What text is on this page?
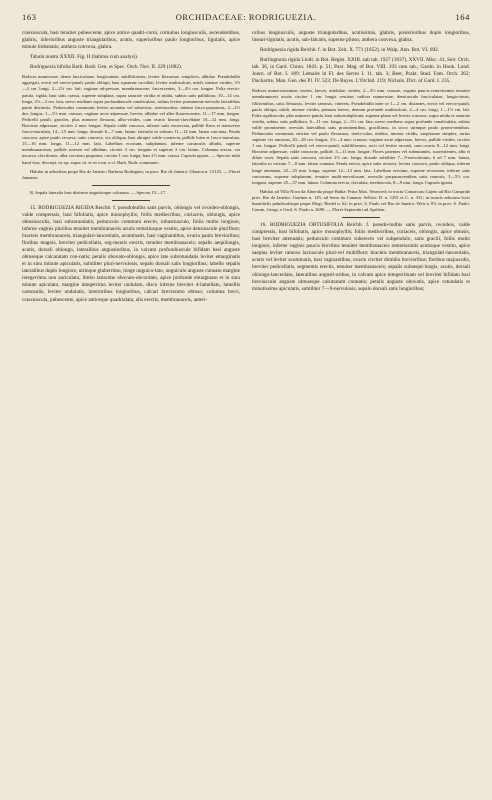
163	ORCHIDACEAE: RODRIGUEZIA.	164

crassiuscula, basi tenuiter pubescente, apice antice quadri-corni, cornubus longiusculis, ascendentibus, glabris, inferioribus anguste triangularibus, acutis, superioribus paulo longioribus, ligulatis, apice minute bidentatis; anthera convexa, glabra.

Tabula nostra XXXII. Fig. II (habitus cum analysi).

Rodriguezia bifolia Barb. Rodr. Gen. et Spec. Orch. Nov. II. 229 (1882).

Radices numerosae, dense fasciculatae, longissimae, subfiliformes, leviter flexuosae, simplices, albidae. Pseudobulbi aggregati, erecti vel erecto-patuli, paulo obliqui, basi squamae cucullati, leviter multisulcati, nitidi, intense virides, 3½—4 cm. longi, 2—2½ cm. lati; vaginae ad-pressae, membranaceae, fuscescentes, 3—4½ cm. longae. Folia erecto-patula, rigida, basi satis crassa, superne subplana, supra saturate viridia et nitida, subtus satis pallidiora, 10—14 cm. longa, 2½—3 cm. lata; nervo medians supra profundiuscule canaliculato, subtus leviter prominente nervulis lateralibus paulo distinctis. Pedunculus communis leviter arcuatus vel subrectus, teretiusculus, intense fusco-purpureus, 2—2½ dm. longus, 1—1½ mm. crassus; vaginae arcte adpressae, breves, albidae vel albo-fluorescentes, 11—17 mm. longae. Pedicelli patuli, graciles, plus minusve flexuosi, albo-virides, cum ovario lineari-clavellatae 10—12 mm. longi. Bracteae adpressae, circiter 2 mm. longae. Sepala valde concava, inferne satis exceavata, pallide flava et transverse fusco-maculata, 14—15 mm. longa, dorsale 6—7 mm. latum, lateralia in valvam 11—12 mm. latam con-nata. Petala concava, apice paulo recurva, satis concava, via obliqua, basi abrupte valde contracta, pallide lutea et fusco-maculata, 15—16 mm. longa, 11—12 mm. lata. Labellum ecostum, subplanum, inferne carunculis albidis, superne membranaceum, pallide roseum vel albidum, circiter 3 cm. longum et superne 2 cm. latum. Columna erecta, via incurva, clavifornis, alba coccineo purpurea, circiter 1 cm. longa; basi 2½ mm. crassa. Capsula ignota. — Species mihi haud visa; descript. ex op. supra cit. et ex icon. a cl. Barb. Rodr. communic.

Habitat in arboribus prope Rio de Janeiro: Barbosa Rodrigues; in prov. Rio de Janeiro: Glaziou n. 15125. — Floret Januario.

R. Sepala lateralia basi distincte angustioque calcarata. — Species 15—17.

15. RODRIGUEZIA RIGIDA Reichb. f. pseudobulbis satis parvis, oblongis vel ovoideo-oblongis, valde compressis, basi bifoliatis, apice monophyllis; foliis mediocribus, coriaceis, oblongis, apice obtusiusculis, basi subrotundatis; pedunculo communi erecto, robustiusculo, foliis multo longiore, inferne vaginis pluribus tenuiter membranaceis acutis remotiusque vestito, apice densiuscule pluriflore; bracteis membranaceis, triangulari-lanceolatis, acuminatis, basi vaginantibus, ovario paulo brevioribus; floribus magnis, breviter pedicellatis, seg-mentis erectis, tenuiter membranaceis; sepalis aequilongis, acutis, dorsali oblongo, lateralibus angustioribus, in valvam profundiuscule bifidam basi anguste obtuseque calcaratam con-natis; petalis obovato-oblongis, apice late subrotundatis leviter emarginatis et in sinu minute apiculatis, subtiliter pluri-nervulosis, sepalo dorsali satis longioribus; labello sepalis lateralibus duplo longiore, utrinque glaberrimo, longe unguicu-lato, unguiculo anguste cuneato margine integerrimo non auriculato, limbo latissime obovato-obcordato, apice profunde emarginato et in sinu minute apiculato, margine integerrimo leviter undulato, disco inferne breviter 4-lamellato, lamellis carnosulis, leviter undulatis, interioribus longioribus, calcari brevissimo obtuso; columna brevi, crassiuscula, pubescente, apice anticeque quadrialata, alis erectis, membranaceis, anteri-

oribus longiusculis, anguste triangularibus, acutissimis, glabris, posterioribus duplo longioribus, lineari-ligulatis, acutis, sub-falcatis, superne piloso; anthera convexa, glabra.

Rodriguezia rigida Reichb. f. in Bot. Zeit. X. 771 (1852), in Walp. Ann. Bot. VI. 692.

Burlingtonia rigida Lindl. in Bot. Regist. XXIII. sub tab. 1927 (1837), XXVII. Misc. 41, Sert. Orch. tab. 36, in Gard. Chron. 1843. p. 51; Paxt. Mag. of Bot. VIII. 193 cum tab.; Gardn. in Hook. Lond. Journ. of Bot. I. 189; Lemaire in Fl. des Serres I. 11. tab. 3; Beer, Prakt. Stud. Fam. Orch. 262; Duchartre, Man. Gen. des Pl. IV. 523; De Buyss. L'Orchid. 219; Nichols. Dict. of Gard. I. 235.

Radices numerosissimae, teretes, laeves, nitidulae, virides, 2—3½ mm. crassae, vaginis paucis remotissimis tenuiter membranaceis acutis circiter 1 cm. longis vestitae; radices numerosae, densiuscule fasciculatae, longis-simis, filiformibus, satis flexuosis, leviter ramosis, cinereis. Pseudobulbi inter se 1—2 cm. distantes, erecti vel erecto-patuli, paulo obliqui, nitidi, intense virides, primum laeves, demum profunde multisulcati, 2—4 cm. longi, 1—1½ cm. lati. Folia rigidiuscula, plus minusve patula, basi subconduplicata, superne plana vel leviter concava, supra nitida et saturate viridia, subtus satis pallidiora, 6—11 cm. longa, 2—3½ cm. lata; nervo mediano supra profunde canaliculata, subtus valde prominente; nervulis lateralibus satis prominentibus, gracillimis, in sicco utrinque paulo promi-nentibus. Pedunculus communis strictus vel paulo flexuosus, tereti-culus, nitidus, intense viridis, saepissime simplex, rarius superne vix ramosus, 20—40 cm. longus, 1½—4 mm. crassus; vaginae arcte adpressae, laeves, pallide virides, circiter 1 cm. longae. Pedicelli patuli vel erecto-patuli, subfiliformes, recti vel leviter arcuati, cum ovario 8—12 mm. longi. Bracteae adpressae, valde concavae, pallide, 3—11 mm. longae. Flores patentes vel subnutantes, suaveolentes, albi et dilute rosei. Sepala satis concava, circiter 2½ cm. longa, dorsale subtiliter 7—9-nervulosum, 6 ad 7 mm. latum, lateralia in valvam 7—8 mm. latam connata. Petala erecta, apice satis recurva, leviter concava, paulo obliqua, inferne longe attenuata, 22—25 mm. longa, superne 12—13 mm. lata. Labellum erectum, superne recurvum, inferne satis concavum, superne subplanum, tenuiter multi-nervulosum, nervulis purpurascentibus satis ramosis, 3—5½ cm. longum, superne 25—37 mm. latum. Columna erecta, clavulata, teretiuscula, 8—9 mm. longa. Capsula ignota.

Habitat ad Villa Nova da Almeida prope Bahia: Prinz Max. Neuwied; in tractu Comarcatu Cajeto ad Rio Campride prov. Rio de Janeiro: Gardner n. 125; ad Serra do Canaria: Sellow: B. n. 1291 et C. n. 331; in truncis arborum locis humidiclis paludicolisque prope Mogi: Riedel n. 62; in prov. S. Paulo vel Rio de Janeiro: Weir n. 85; in prov. S. Paulo: Comm. Geogr. e Geol. S. Paulo n. 2690. — Floret Septembri ad Aprilem.

16. RODRIGUEZIA OBTUSIFOLIA Reichb. f. pseudo-bulbis satis parvis, ovoideis, valde compressis, basi bifoliatis, apice monophyllis; foliis mediocribus, coriaceis, oblongis, apice obtusis, basi breviter attenuatis; pedunculo communi suberecto vel subpendulo, satis gracili, foliis multo longiore, inferne vaginis paucis brevibus tenuiter membranaceis remotissimis acutisque vestito, apice saepius leviter ramoso laxiuscule pluri-vel multiflore; bracteis membranaceis, triangulari-lanceolatis, acutis vel leviter acuminatis, basi vaginantibus, ovario circiter dimidio brevioribus; floribus majusculis, breviter pedicellatis, segmentis erectis, tenuiter membranaceis; sepalis subaequi-longis, acutis, dorsali oblongo-lanceolato, lateralibus angusti-oribus, in valvam apice integerrimam vel breviter bifidam basi breviuscule anguste obtuseque calcaratam connatis; petalis anguste obovatis, apice rotundatis et minutissime apiculatis, subtiliter 7—9-nervulosis, sepalo dorsali satis longioribus;
